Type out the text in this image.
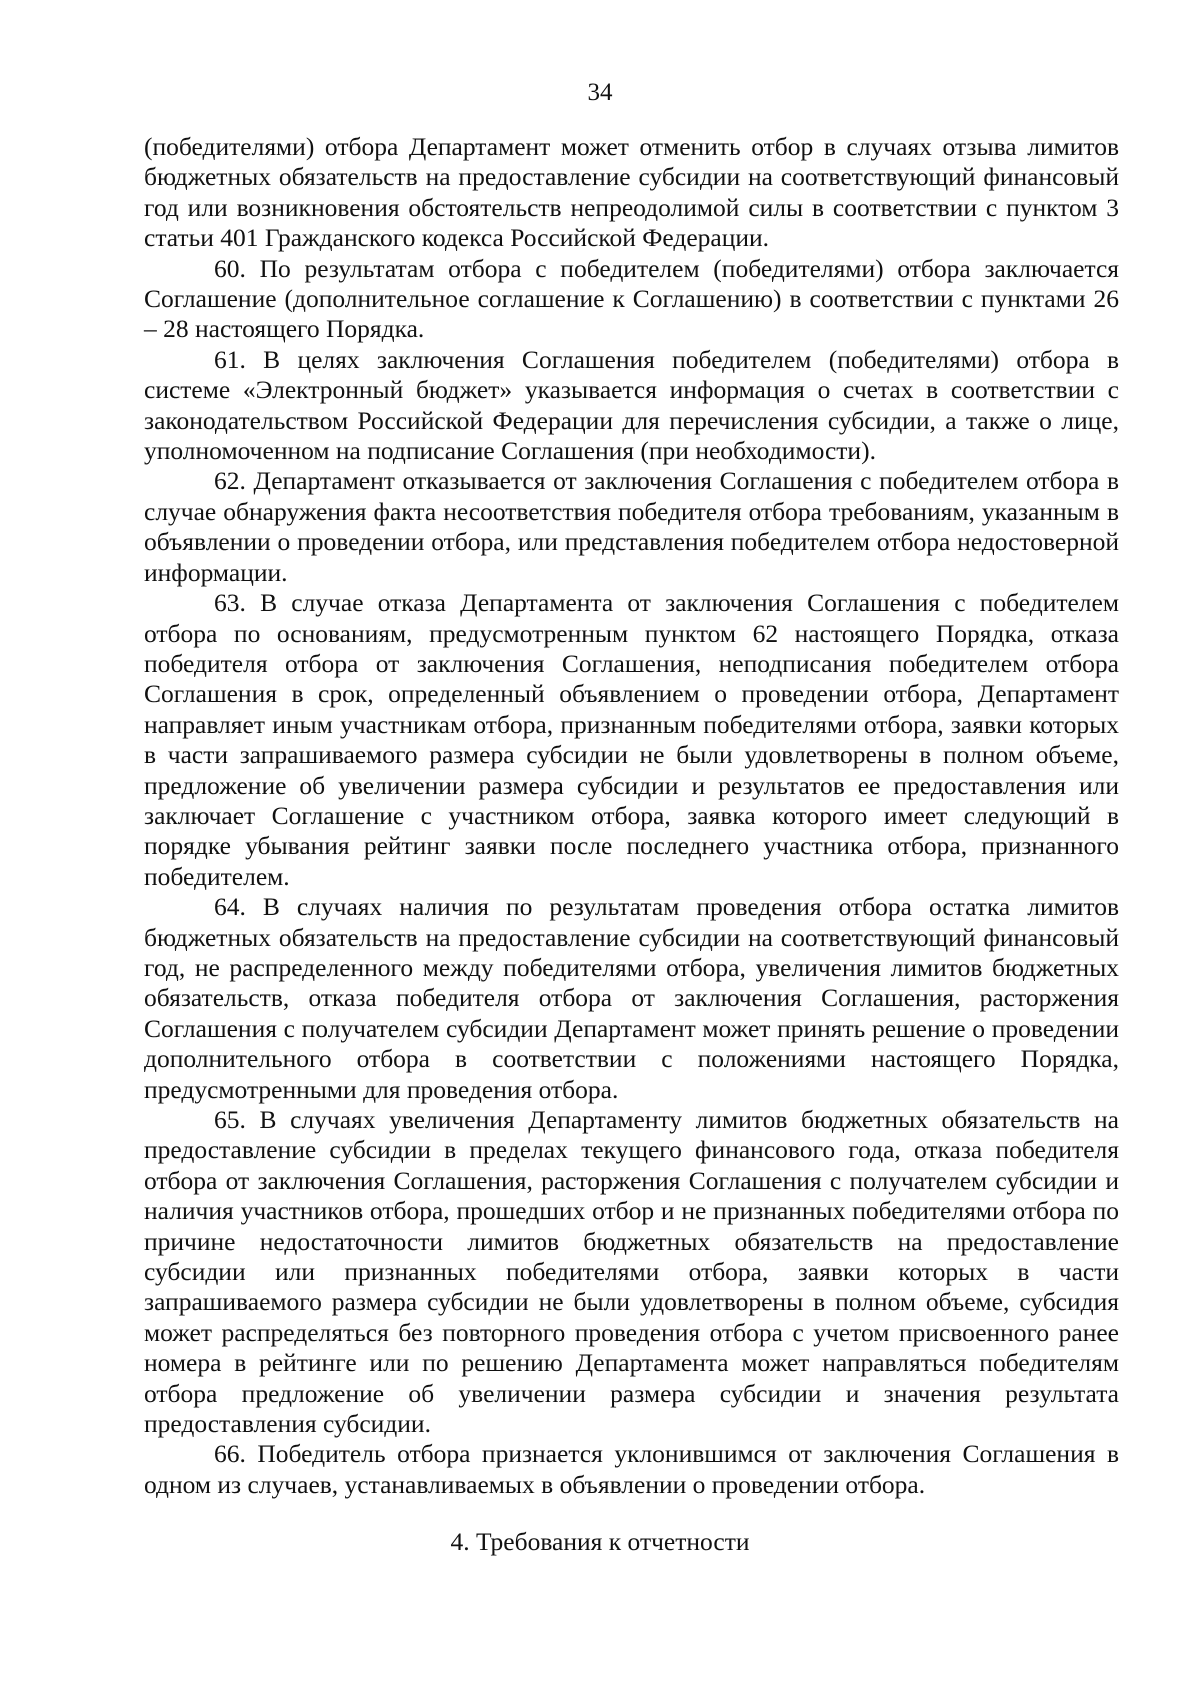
34

(победителями) отбора Департамент может отменить отбор в случаях отзыва лимитов бюджетных обязательств на предоставление субсидии на соответствующий финансовый год или возникновения обстоятельств непреодолимой силы в соответствии с пунктом 3 статьи 401 Гражданского кодекса Российской Федерации.

60. По результатам отбора с победителем (победителями) отбора заключается Соглашение (дополнительное соглашение к Соглашению) в соответствии с пунктами 26 – 28 настоящего Порядка.

61. В целях заключения Соглашения победителем (победителями) отбора в системе «Электронный бюджет» указывается информация о счетах в соответствии с законодательством Российской Федерации для перечисления субсидии, а также о лице, уполномоченном на подписание Соглашения (при необходимости).

62. Департамент отказывается от заключения Соглашения с победителем отбора в случае обнаружения факта несоответствия победителя отбора требованиям, указанным в объявлении о проведении отбора, или представления победителем отбора недостоверной информации.

63. В случае отказа Департамента от заключения Соглашения с победителем отбора по основаниям, предусмотренным пунктом 62 настоящего Порядка, отказа победителя отбора от заключения Соглашения, неподписания победителем отбора Соглашения в срок, определенный объявлением о проведении отбора, Департамент направляет иным участникам отбора, признанным победителями отбора, заявки которых в части запрашиваемого размера субсидии не были удовлетворены в полном объеме, предложение об увеличении размера субсидии и результатов ее предоставления или заключает Соглашение с участником отбора, заявка которого имеет следующий в порядке убывания рейтинг заявки после последнего участника отбора, признанного победителем.

64. В случаях наличия по результатам проведения отбора остатка лимитов бюджетных обязательств на предоставление субсидии на соответствующий финансовый год, не распределенного между победителями отбора, увеличения лимитов бюджетных обязательств, отказа победителя отбора от заключения Соглашения, расторжения Соглашения с получателем субсидии Департамент может принять решение о проведении дополнительного отбора в соответствии с положениями настоящего Порядка, предусмотренными для проведения отбора.

65. В случаях увеличения Департаменту лимитов бюджетных обязательств на предоставление субсидии в пределах текущего финансового года, отказа победителя отбора от заключения Соглашения, расторжения Соглашения с получателем субсидии и наличия участников отбора, прошедших отбор и не признанных победителями отбора по причине недостаточности лимитов бюджетных обязательств на предоставление субсидии или признанных победителями отбора, заявки которых в части запрашиваемого размера субсидии не были удовлетворены в полном объеме, субсидия может распределяться без повторного проведения отбора с учетом присвоенного ранее номера в рейтинге или по решению Департамента может направляться победителям отбора предложение об увеличении размера субсидии и значения результата предоставления субсидии.

66. Победитель отбора признается уклонившимся от заключения Соглашения в одном из случаев, устанавливаемых в объявлении о проведении отбора.

4. Требования к отчетности
